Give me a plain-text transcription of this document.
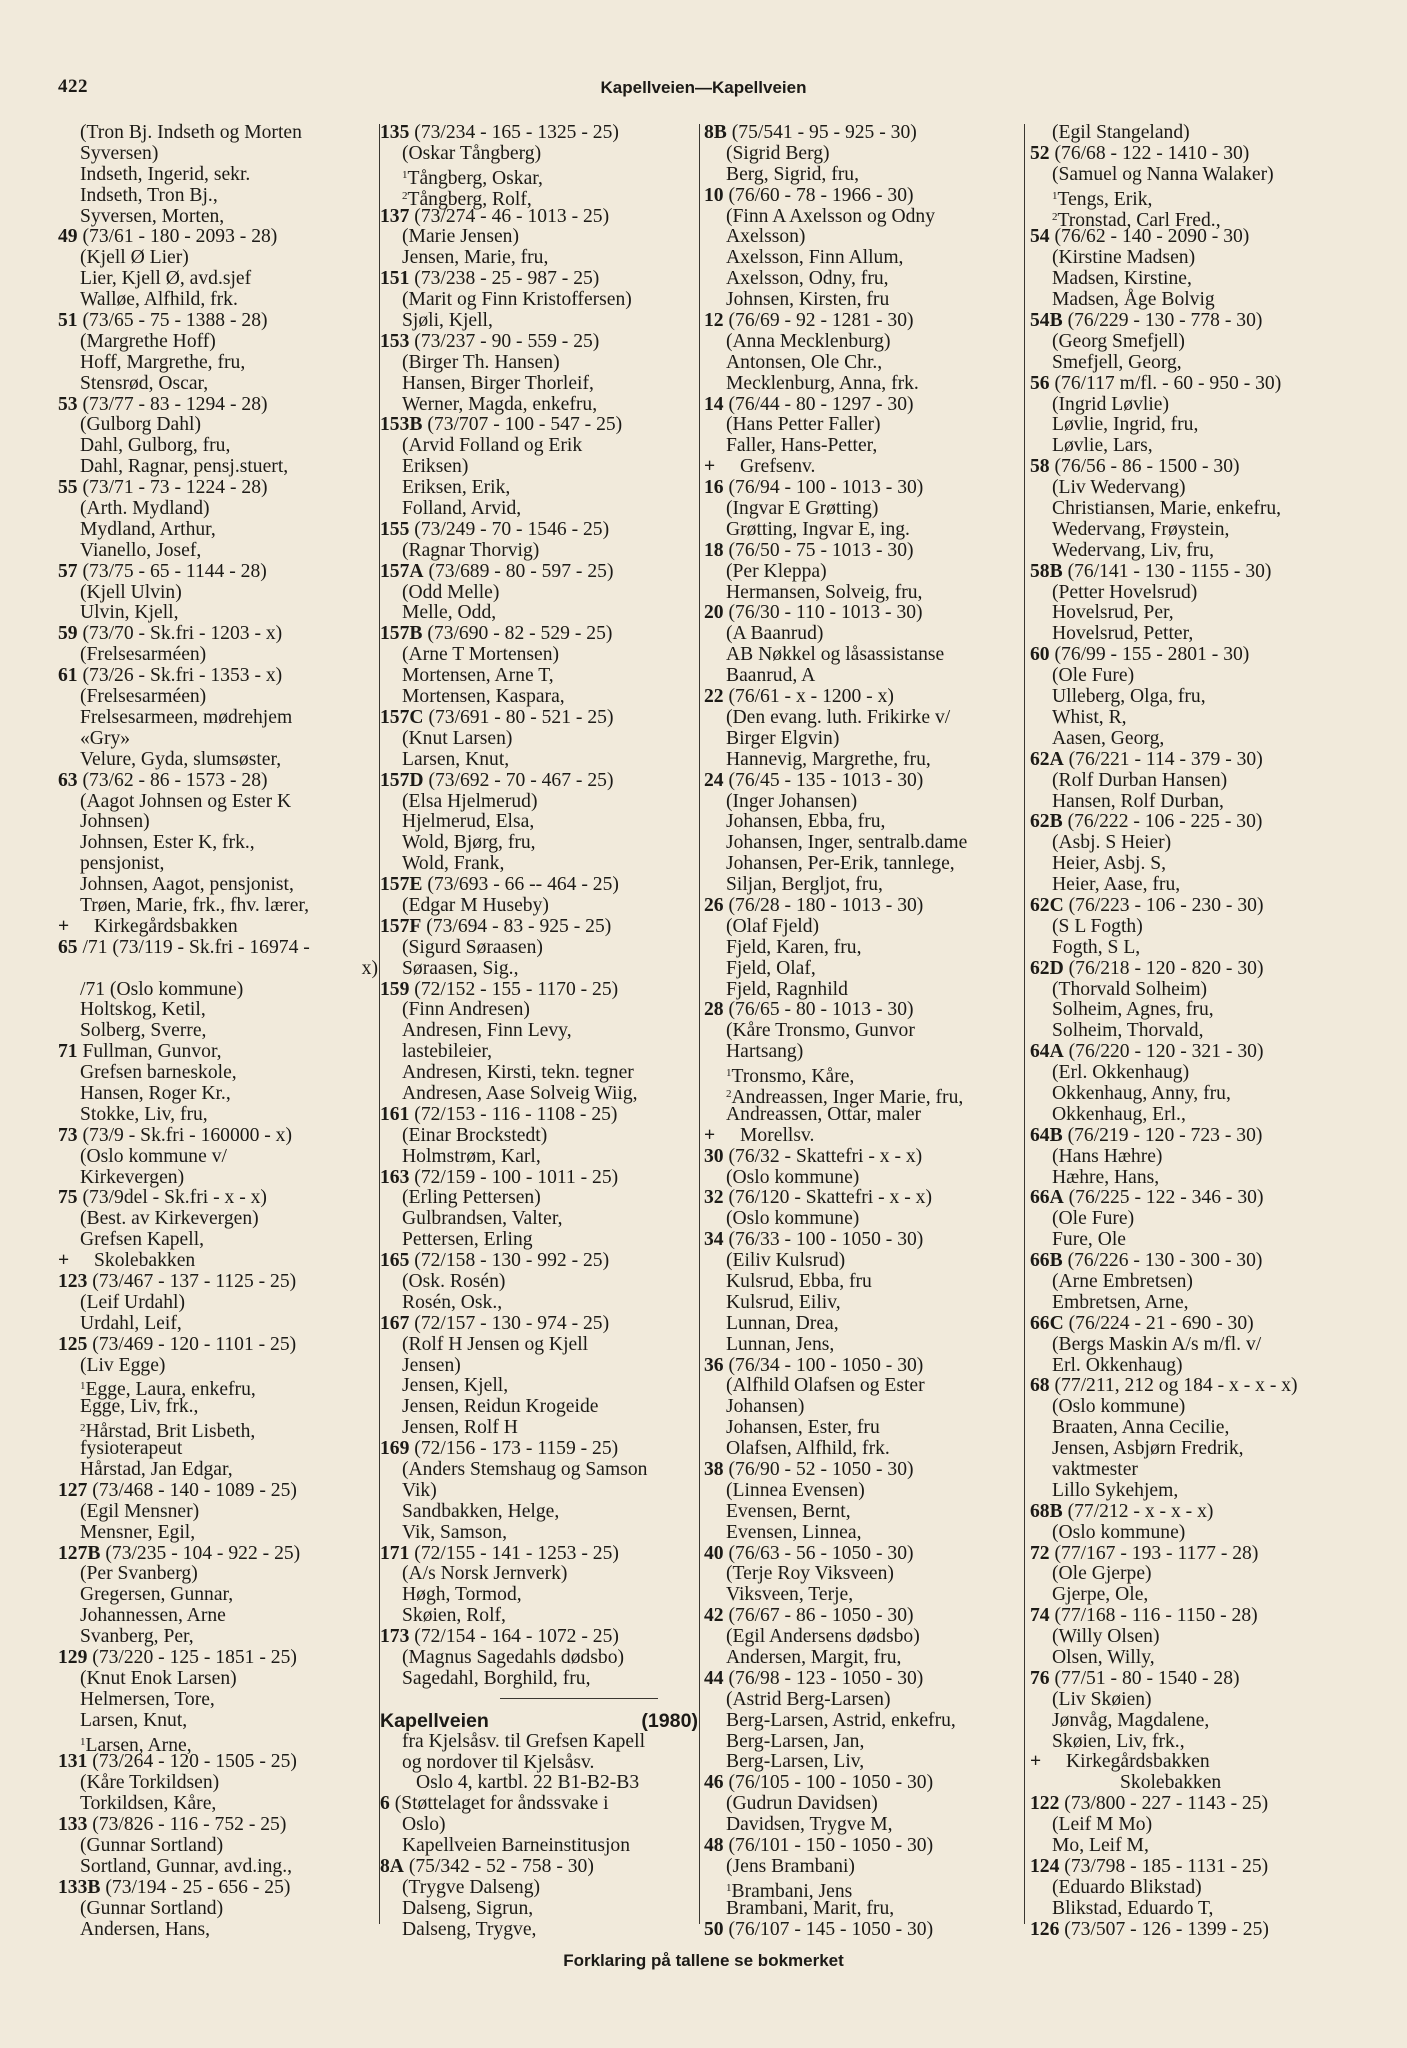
422	Kapellveien—Kapellveien
(Tron Bj. Indseth og Morten
Syversen)
Indseth, Ingerid, sekr.
Indseth, Tron Bj.,
Syversen, Morten,
49 (73/61 - 180 - 2093 - 28)
(Kjell Ø Lier)
Lier, Kjell Ø, avd.sjef
Walløe, Alfhild, frk.
51 (73/65 - 75 - 1388 - 28)
(Margrethe Hoff)
Hoff, Margrethe, fru,
Stensrød, Oscar,
53 (73/77 - 83 - 1294 - 28)
(Gulborg Dahl)
Dahl, Gulborg, fru,
Dahl, Ragnar, pensj.stuert,
55 (73/71 - 73 - 1224 - 28)
(Arth. Mydland)
Mydland, Arthur,
Vianello, Josef,
57 (73/75 - 65 - 1144 - 28)
(Kjell Ulvin)
Ulvin, Kjell,
59 (73/70 - Sk.fri - 1203 - x)
(Frelsesarméen)
61 (73/26 - Sk.fri - 1353 - x)
(Frelsesarméen)
Frelsesarmeen, mødrehjem
«Gry»
Velure, Gyda, slumsøster,
63 (73/62 - 86 - 1573 - 28)
(Aagot Johnsen og Ester K
Johnsen)
Johnsen, Ester K, frk.,
pensjonist,
Johnsen, Aagot, pensjonist,
Trøen, Marie, frk., fhv. lærer,
+ Kirkegårdsbakken
65 /71 (73/119 - Sk.fri - 16974 -
x)
/71 (Oslo kommune)
Holtskog, Ketil,
Solberg, Sverre,
71 Fullman, Gunvor,
Grefsen barneskole,
Hansen, Roger Kr.,
Stokke, Liv, fru,
73 (73/9 - Sk.fri - 160000 - x)
(Oslo kommune v/
Kirkevergen)
75 (73/9del - Sk.fri - x - x)
(Best. av Kirkevergen)
Grefsen Kapell,
+ Skolebakken
123 (73/467 - 137 - 1125 - 25)
(Leif Urdahl)
Urdahl, Leif,
125 (73/469 - 120 - 1101 - 25)
(Liv Egge)
$^1$Egge, Laura, enkefru,
Egge, Liv, frk.,
$^2$Hårstad, Brit Lisbeth,
fysioterapeut
Hårstad, Jan Edgar,
127 (73/468 - 140 - 1089 - 25)
(Egil Mensner)
Mensner, Egil,
127B (73/235 - 104 - 922 - 25)
(Per Svanberg)
Gregersen, Gunnar,
Johannessen, Arne
Svanberg, Per,
129 (73/220 - 125 - 1851 - 25)
(Knut Enok Larsen)
Helmersen, Tore,
Larsen, Knut,
$^1$Larsen, Arne,
131 (73/264 - 120 - 1505 - 25)
(Kåre Torkildsen)
Torkildsen, Kåre,
133 (73/826 - 116 - 752 - 25)
(Gunnar Sortland)
Sortland, Gunnar, avd.ing.,
133B (73/194 - 25 - 656 - 25)
(Gunnar Sortland)
Andersen, Hans,
135 (73/234 - 165 - 1325 - 25)
(Oskar Tångberg)
$^1$Tångberg, Oskar,
$^2$Tångberg, Rolf,
137 (73/274 - 46 - 1013 - 25)
(Marie Jensen)
Jensen, Marie, fru,
151 (73/238 - 25 - 987 - 25)
(Marit og Finn Kristoffersen)
Sjøli, Kjell,
153 (73/237 - 90 - 559 - 25)
(Birger Th. Hansen)
Hansen, Birger Thorleif,
Werner, Magda, enkefru,
153B (73/707 - 100 - 547 - 25)
(Arvid Folland og Erik
Eriksen)
Eriksen, Erik,
Folland, Arvid,
155 (73/249 - 70 - 1546 - 25)
(Ragnar Thorvig)
157A (73/689 - 80 - 597 - 25)
(Odd Melle)
Melle, Odd,
157B (73/690 - 82 - 529 - 25)
(Arne T Mortensen)
Mortensen, Arne T,
Mortensen, Kaspara,
157C (73/691 - 80 - 521 - 25)
(Knut Larsen)
Larsen, Knut,
157D (73/692 - 70 - 467 - 25)
(Elsa Hjelmerud)
Hjelmerud, Elsa,
Wold, Bjørg, fru,
Wold, Frank,
157E (73/693 - 66 -- 464 - 25)
(Edgar M Huseby)
157F (73/694 - 83 - 925 - 25)
(Sigurd Søraasen)
Søraasen, Sig.,
159 (72/152 - 155 - 1170 - 25)
(Finn Andresen)
Andresen, Finn Levy,
lastebileier,
Andresen, Kirsti, tekn. tegner
Andresen, Aase Solveig Wiig,
161 (72/153 - 116 - 1108 - 25)
(Einar Brockstedt)
Holmstrøm, Karl,
163 (72/159 - 100 - 1011 - 25)
(Erling Pettersen)
Gulbrandsen, Valter,
Pettersen, Erling
165 (72/158 - 130 - 992 - 25)
(Osk. Rosén)
Rosén, Osk.,
167 (72/157 - 130 - 974 - 25)
(Rolf H Jensen og Kjell
Jensen)
Jensen, Kjell,
Jensen, Reidun Krogeide
Jensen, Rolf H
169 (72/156 - 173 - 1159 - 25)
(Anders Stemshaug og Samson
Vik)
Sandbakken, Helge,
Vik, Samson,
171 (72/155 - 141 - 1253 - 25)
(A/s Norsk Jernverk)
Høgh, Tormod,
Skøien, Rolf,
173 (72/154 - 164 - 1072 - 25)
(Magnus Sagedahls dødsbo)
Sagedahl, Borghild, fru,
Kapellveien	(1980)
fra Kjelsåsv. til Grefsen Kapell
og nordover til Kjelsåsv.
Oslo 4, kartbl. 22 B1-B2-B3
6 (Støttelaget for åndssvake i
Oslo)
Kapellveien Barneinstitusjon
8A (75/342 - 52 - 758 - 30)
(Trygve Dalseng)
Dalseng, Sigrun,
Dalseng, Trygve,
8B (75/541 - 95 - 925 - 30)
(Sigrid Berg)
Berg, Sigrid, fru,
10 (76/60 - 78 - 1966 - 30)
(Finn A Axelsson og Odny
Axelsson)
Axelsson, Finn Allum,
Axelsson, Odny, fru,
Johnsen, Kirsten, fru
12 (76/69 - 92 - 1281 - 30)
(Anna Mecklenburg)
Antonsen, Ole Chr.,
Mecklenburg, Anna, frk.
14 (76/44 - 80 - 1297 - 30)
(Hans Petter Faller)
Faller, Hans-Petter,
+ Grefsenv.
16 (76/94 - 100 - 1013 - 30)
(Ingvar E Grøtting)
Grøtting, Ingvar E, ing.
18 (76/50 - 75 - 1013 - 30)
(Per Kleppa)
Hermansen, Solveig, fru,
20 (76/30 - 110 - 1013 - 30)
(A Baanrud)
AB Nøkkel og låsassistanse
Baanrud, A
22 (76/61 - x - 1200 - x)
(Den evang. luth. Frikirke v/
Birger Elgvin)
Hannevig, Margrethe, fru,
24 (76/45 - 135 - 1013 - 30)
(Inger Johansen)
Johansen, Ebba, fru,
Johansen, Inger, sentralb.dame
Johansen, Per-Erik, tannlege,
Siljan, Bergljot, fru,
26 (76/28 - 180 - 1013 - 30)
(Olaf Fjeld)
Fjeld, Karen, fru,
Fjeld, Olaf,
Fjeld, Ragnhild
28 (76/65 - 80 - 1013 - 30)
(Kåre Tronsmo, Gunvor
Hartsang)
$^1$Tronsmo, Kåre,
$^2$Andreassen, Inger Marie, fru,
Andreassen, Ottar, maler
+ Morellsv.
30 (76/32 - Skattefri - x - x)
(Oslo kommune)
32 (76/120 - Skattefri - x - x)
(Oslo kommune)
34 (76/33 - 100 - 1050 - 30)
(Eiliv Kulsrud)
Kulsrud, Ebba, fru
Kulsrud, Eiliv,
Lunnan, Drea,
Lunnan, Jens,
36 (76/34 - 100 - 1050 - 30)
(Alfhild Olafsen og Ester
Johansen)
Johansen, Ester, fru
Olafsen, Alfhild, frk.
38 (76/90 - 52 - 1050 - 30)
(Linnea Evensen)
Evensen, Bernt,
Evensen, Linnea,
40 (76/63 - 56 - 1050 - 30)
(Terje Roy Viksveen)
Viksveen, Terje,
42 (76/67 - 86 - 1050 - 30)
(Egil Andersens dødsbo)
Andersen, Margit, fru,
44 (76/98 - 123 - 1050 - 30)
(Astrid Berg-Larsen)
Berg-Larsen, Astrid, enkefru,
Berg-Larsen, Jan,
Berg-Larsen, Liv,
46 (76/105 - 100 - 1050 - 30)
(Gudrun Davidsen)
Davidsen, Trygve M,
48 (76/101 - 150 - 1050 - 30)
(Jens Brambani)
$^1$Brambani, Jens
Brambani, Marit, fru,
50 (76/107 - 145 - 1050 - 30)
(Egil Stangeland)
52 (76/68 - 122 - 1410 - 30)
(Samuel og Nanna Walaker)
$^1$Tengs, Erik,
$^2$Tronstad, Carl Fred.,
54 (76/62 - 140 - 2090 - 30)
(Kirstine Madsen)
Madsen, Kirstine,
Madsen, Åge Bolvig
54B (76/229 - 130 - 778 - 30)
(Georg Smefjell)
Smefjell, Georg,
56 (76/117 m/fl. - 60 - 950 - 30)
(Ingrid Løvlie)
Løvlie, Ingrid, fru,
Løvlie, Lars,
58 (76/56 - 86 - 1500 - 30)
(Liv Wedervang)
Christiansen, Marie, enkefru,
Wedervang, Frøystein,
Wedervang, Liv, fru,
58B (76/141 - 130 - 1155 - 30)
(Petter Hovelsrud)
Hovelsrud, Per,
Hovelsrud, Petter,
60 (76/99 - 155 - 2801 - 30)
(Ole Fure)
Ulleberg, Olga, fru,
Whist, R,
Aasen, Georg,
62A (76/221 - 114 - 379 - 30)
(Rolf Durban Hansen)
Hansen, Rolf Durban,
62B (76/222 - 106 - 225 - 30)
(Asbj. S Heier)
Heier, Asbj. S,
Heier, Aase, fru,
62C (76/223 - 106 - 230 - 30)
(S L Fogth)
Fogth, S L,
62D (76/218 - 120 - 820 - 30)
(Thorvald Solheim)
Solheim, Agnes, fru,
Solheim, Thorvald,
64A (76/220 - 120 - 321 - 30)
(Erl. Okkenhaug)
Okkenhaug, Anny, fru,
Okkenhaug, Erl.,
64B (76/219 - 120 - 723 - 30)
(Hans Hæhre)
Hæhre, Hans,
66A (76/225 - 122 - 346 - 30)
(Ole Fure)
Fure, Ole
66B (76/226 - 130 - 300 - 30)
(Arne Embretsen)
Embretsen, Arne,
66C (76/224 - 21 - 690 - 30)
(Bergs Maskin A/s m/fl. v/
Erl. Okkenhaug)
68 (77/211, 212 og 184 - x - x - x)
(Oslo kommune)
Braaten, Anna Cecilie,
Jensen, Asbjørn Fredrik,
vaktmester
Lillo Sykehjem,
68B (77/212 - x - x - x)
(Oslo kommune)
72 (77/167 - 193 - 1177 - 28)
(Ole Gjerpe)
Gjerpe, Ole,
74 (77/168 - 116 - 1150 - 28)
(Willy Olsen)
Olsen, Willy,
76 (77/51 - 80 - 1540 - 28)
(Liv Skøien)
Jønvåg, Magdalene,
Skøien, Liv, frk.,
+ Kirkegårdsbakken
Skolebakken
122 (73/800 - 227 - 1143 - 25)
(Leif M Mo)
Mo, Leif M,
124 (73/798 - 185 - 1131 - 25)
(Eduardo Blikstad)
Blikstad, Eduardo T,
126 (73/507 - 126 - 1399 - 25)
Forklaring på tallene se bokmerket
